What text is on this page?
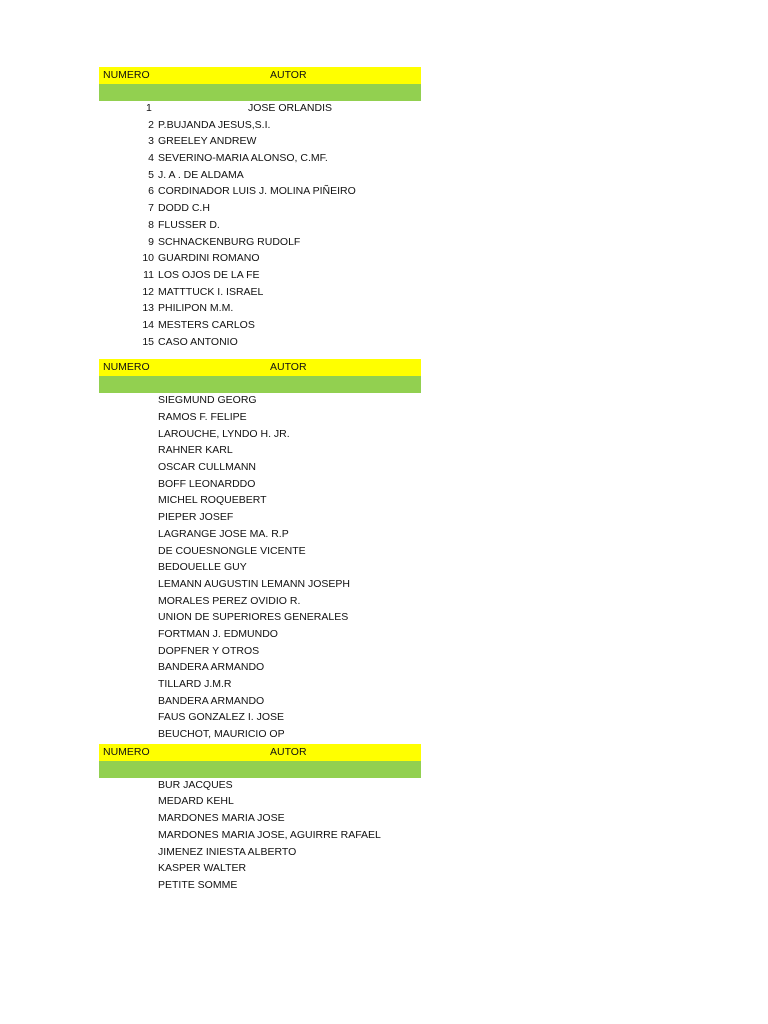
NUMERO	AUTOR
1	JOSE ORLANDIS
2 P.BUJANDA JESUS,S.I.
3 GREELEY ANDREW
4 SEVERINO-MARIA ALONSO, C.MF.
5 J. A . DE ALDAMA
6 CORDINADOR LUIS J. MOLINA PIÑEIRO
7 DODD C.H
8 FLUSSER D.
9 SCHNACKENBURG RUDOLF
10 GUARDINI ROMANO
11 LOS OJOS DE LA FE
12 MATTTUCK I. ISRAEL
13 PHILIPON M.M.
14 MESTERS CARLOS
15 CASO ANTONIO
NUMERO	AUTOR
SIEGMUND GEORG
RAMOS F. FELIPE
LAROUCHE, LYNDO H. JR.
RAHNER KARL
OSCAR CULLMANN
BOFF LEONARDDO
MICHEL ROQUEBERT
PIEPER JOSEF
LAGRANGE JOSE MA. R.P
DE COUESNONGLE VICENTE
BEDOUELLE GUY
LEMANN AUGUSTIN LEMANN JOSEPH
MORALES PEREZ OVIDIO R.
UNION DE SUPERIORES GENERALES
FORTMAN J. EDMUNDO
DOPFNER Y OTROS
BANDERA ARMANDO
TILLARD J.M.R
BANDERA ARMANDO
FAUS GONZALEZ I. JOSE
BEUCHOT, MAURICIO OP
NUMERO	AUTOR
BUR JACQUES
MEDARD KEHL
MARDONES MARIA JOSE
MARDONES MARIA JOSE, AGUIRRE RAFAEL
JIMENEZ INIESTA ALBERTO
KASPER WALTER
PETITE SOMME
